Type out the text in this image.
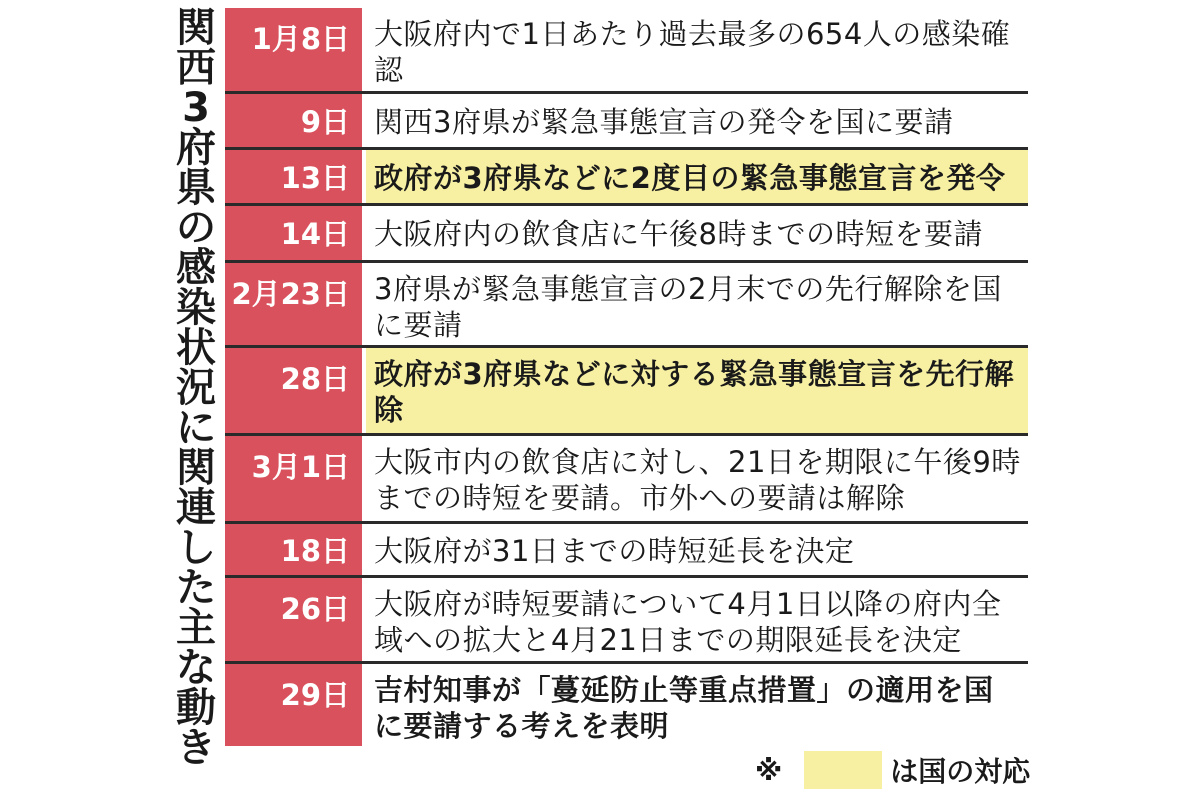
関
西
3
府
県
の
感
染
状
況
に
関
連
し
た
主
な
動
き
1月8日 大阪府内で1日あたり過去最多の654人の感染確認
9日 関西3府県が緊急事態宣言の発令を国に要請
13日 政府が3府県などに2度目の緊急事態宣言を発令
14日 大阪府内の飲食店に午後8時までの時短を要請
2月23日 3府県が緊急事態宣言の2月末での先行解除を国に要請
28日 政府が3府県などに対する緊急事態宣言を先行解除
3月1日 大阪市内の飲食店に対し、21日を期限に午後9時までの時短を要請。市外への要請は解除
18日 大阪府が31日までの時短延長を決定
26日 大阪府が時短要請について4月1日以降の府内全域への拡大と4月21日までの期限延長を決定
29日 吉村知事が「蔓延防止等重点措置」の適用を国に要請する考えを表明
※	は国の対応
